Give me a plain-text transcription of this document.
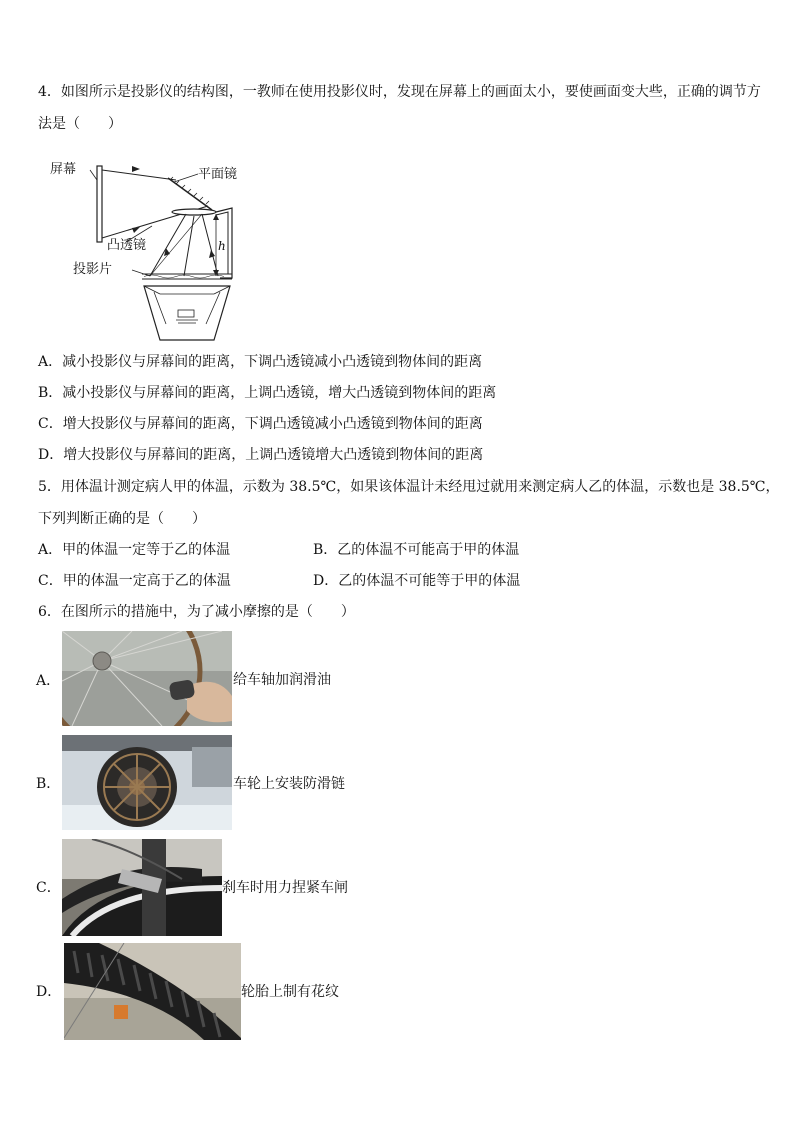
4．如图所示是投影仪的结构图，一教师在使用投影仪时，发现在屏幕上的画面太小，要使画面变大些，正确的调节方
法是（　　）
h
屏幕	平面镜
凸透镜
投影片
A．减小投影仪与屏幕间的距离，下调凸透镜减小凸透镜到物体间的距离
B．减小投影仪与屏幕间的距离，上调凸透镜，增大凸透镜到物体间的距离
C．增大投影仪与屏幕间的距离，下调凸透镜减小凸透镜到物体间的距离
D．增大投影仪与屏幕间的距离，上调凸透镜增大凸透镜到物体间的距离
5．用体温计测定病人甲的体温，示数为 38.5℃，如果该体温计未经甩过就用来测定病人乙的体温，示数也是 38.5℃，
下列判断正确的是（　　）
A．甲的体温一定等于乙的体温	B．乙的体温不可能高于甲的体温
C．甲的体温一定高于乙的体温	D．乙的体温不可能等于甲的体温
6．在图所示的措施中，为了减小摩擦的是（　　）
A．	给车轴加润滑油
B．	车轮上安装防滑链
C．	刹车时用力捏紧车闸
D．	轮胎上制有花纹
